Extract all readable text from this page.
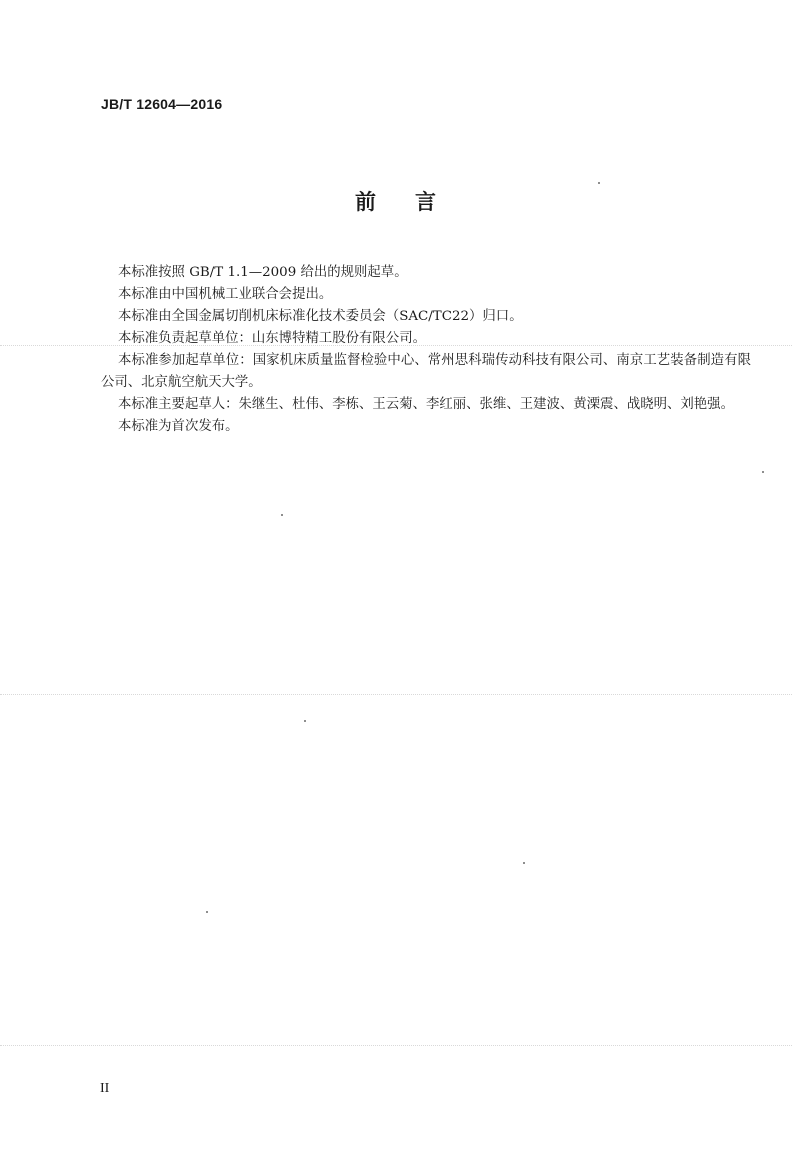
JB/T 12604—2016
前 言

本标准按照 GB/T 1.1—2009 给出的规则起草。

本标准由中国机械工业联合会提出。

本标准由全国金属切削机床标准化技术委员会（SAC/TC22）归口。

本标准负责起草单位：山东博特精工股份有限公司。

本标准参加起草单位：国家机床质量监督检验中心、常州思科瑞传动科技有限公司、南京工艺装备制造有限公司、北京航空航天大学。

本标准主要起草人：朱继生、杜伟、李栋、王云菊、李红丽、张维、王建波、黄溧震、战晓明、刘艳强。

本标准为首次发布。

II
